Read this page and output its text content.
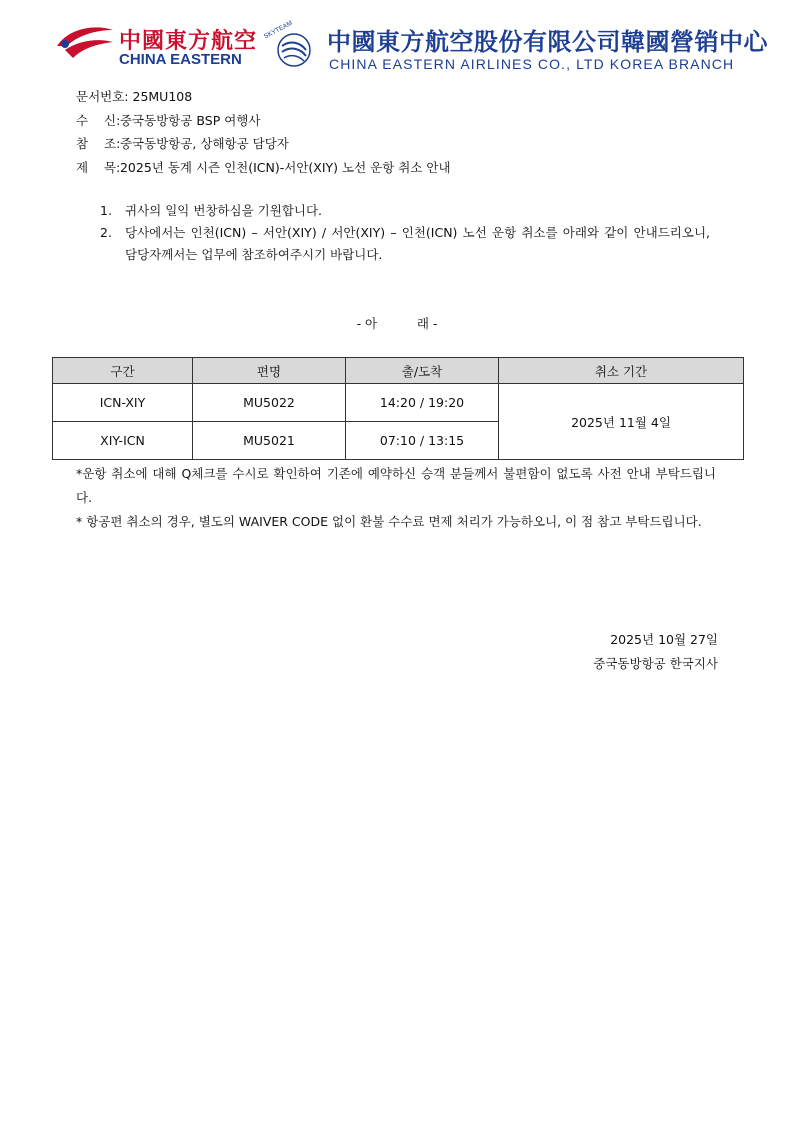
中國東方航空
CHINA EASTERN
SKYTEAM 中國東方航空股份有限公司韓國營销中心
CHINA EASTERN AIRLINES CO., LTD KOREA BRANCH
문서번호: 25MU108
수 신:
중국동방항공 BSP 여행사
참 조:
중국동방항공, 상해항공 담당자
제 목:
2025년 동계 시즌 인천(ICN)-서안(XIY) 노선 운항 취소 안내
1.	귀사의 일익 번창하심을 기원합니다.
2.	당사에서는 인천(ICN) – 서안(XIY) / 서안(XIY) – 인천(ICN) 노선 운항 취소를 아래와 같이 안내드리오니, 담당자께서는 업무에 참조하여주시기 바랍니다.
- 아          래 -
구간	편명	출/도착	취소 기간
ICN-XIY	MU5022	14:20 / 19:20	2025년 11월 4일
XIY-ICN	MU5021	07:10 / 13:15	

*운항 취소에 대해 Q체크를 수시로 확인하여 기존에 예약하신 승객 분들께서 불편함이 없도록 사전 안내 부탁드립니다.

* 항공편 취소의 경우, 별도의 WAIVER CODE 없이 환불 수수료 면제 처리가 가능하오니, 이 점 참고 부탁드립니다.

2025년 10월 27일
중국동방항공 한국지사
